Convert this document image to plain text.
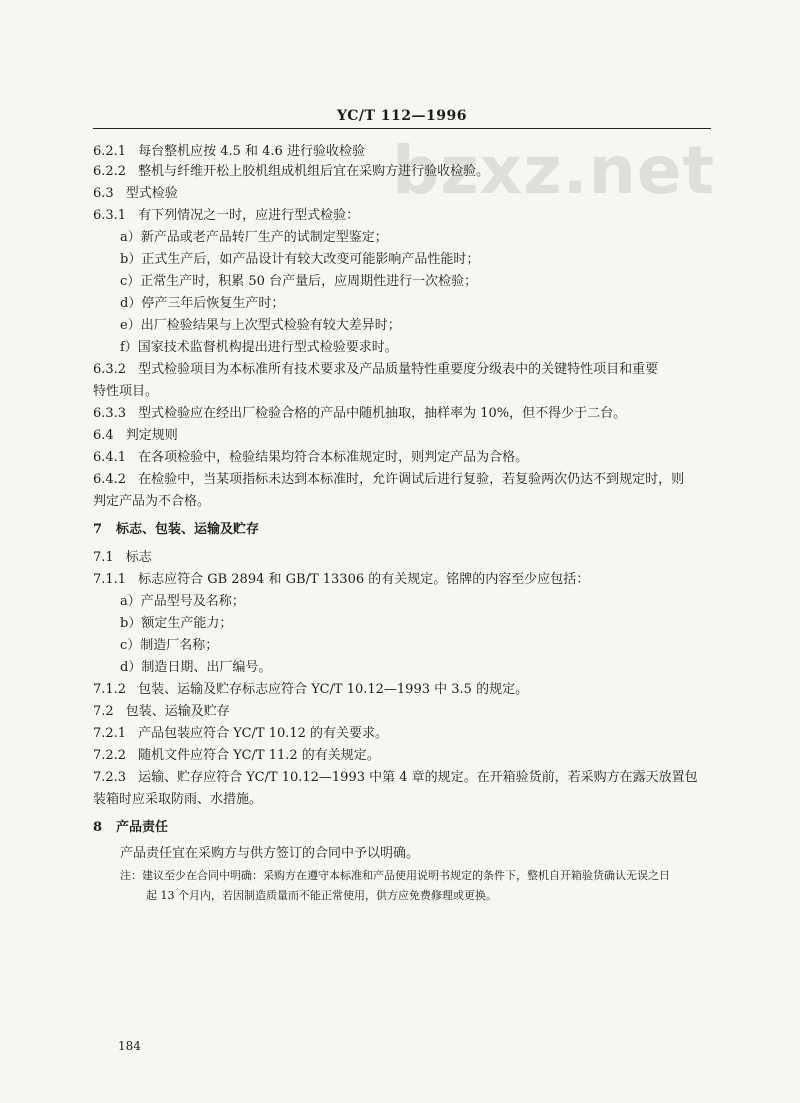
YC/T 112—1996
bzxz.net
6.2.1 每台整机应按 4.5 和 4.6 进行验收检验
6.2.2 整机与纤维开松上胶机组成机组后宜在采购方进行验收检验。
6.3 型式检验
6.3.1 有下列情况之一时，应进行型式检验：
a）新产品或老产品转厂生产的试制定型鉴定；
b）正式生产后，如产品设计有较大改变可能影响产品性能时；
c）正常生产时，积累 50 台产量后，应周期性进行一次检验；
d）停产三年后恢复生产时；
e）出厂检验结果与上次型式检验有较大差异时；
f）国家技术监督机构提出进行型式检验要求时。
6.3.2 型式检验项目为本标准所有技术要求及产品质量特性重要度分级表中的关键特性项目和重要
特性项目。
6.3.3 型式检验应在经出厂检验合格的产品中随机抽取，抽样率为 10%，但不得少于二台。
6.4 判定规则
6.4.1 在各项检验中，检验结果均符合本标准规定时，则判定产品为合格。
6.4.2 在检验中，当某项指标未达到本标准时，允许调试后进行复验，若复验两次仍达不到规定时，则
判定产品为不合格。
7 标志、包装、运输及贮存
7.1 标志
7.1.1 标志应符合 GB 2894 和 GB/T 13306 的有关规定。铭牌的内容至少应包括：
a）产品型号及名称；
b）额定生产能力；
c）制造厂名称；
d）制造日期、出厂编号。
7.1.2 包装、运输及贮存标志应符合 YC/T 10.12—1993 中 3.5 的规定。
7.2 包装、运输及贮存
7.2.1 产品包装应符合 YC/T 10.12 的有关要求。
7.2.2 随机文件应符合 YC/T 11.2 的有关规定。
7.2.3 运输、贮存应符合 YC/T 10.12—1993 中第 4 章的规定。在开箱验货前，若采购方在露天放置包
装箱时应采取防雨、水措施。
8 产品责任
产品责任宜在采购方与供方签订的合同中予以明确。
注：建议至少在合同中明确：采购方在遵守本标准和产品使用说明书规定的条件下，整机自开箱验货确认无误之日
起 13 个月内，若因制造质量而不能正常使用，供方应免费修理或更换。
184
